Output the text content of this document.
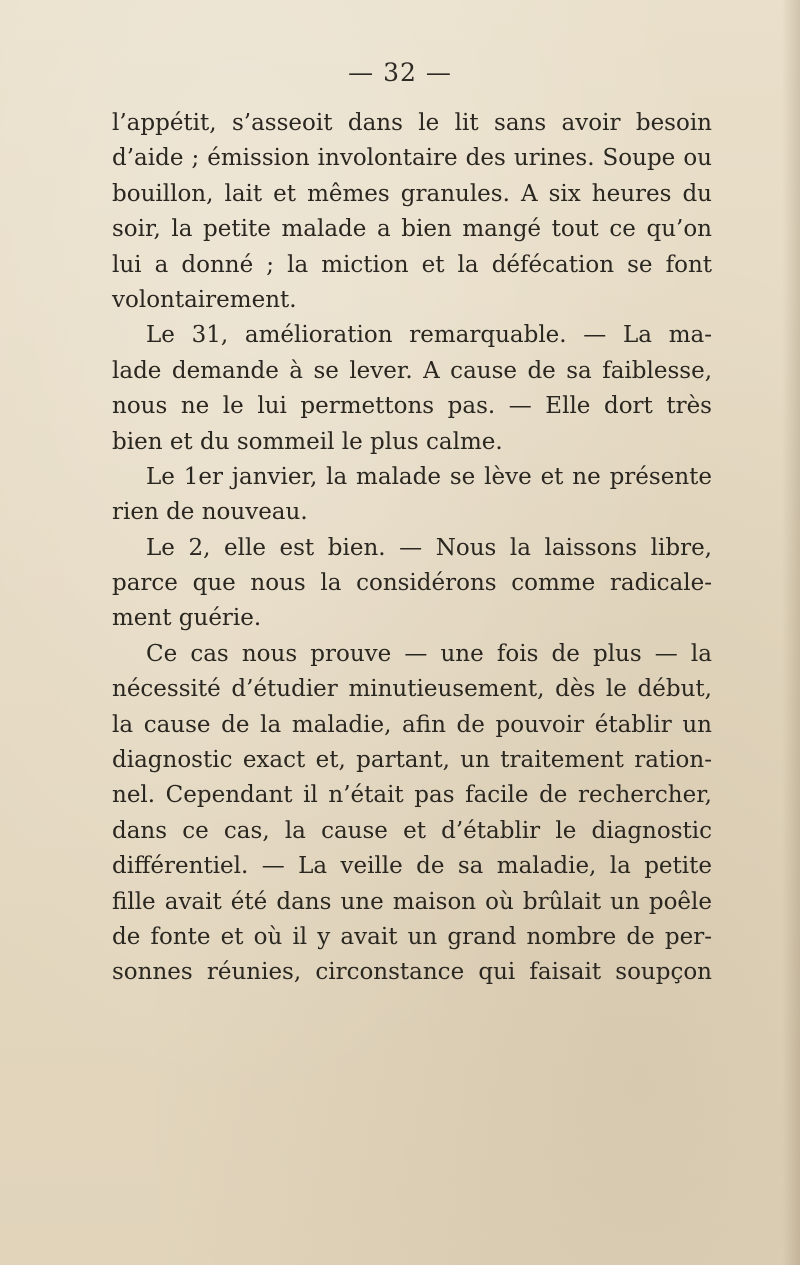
— 32 —
l’appétit, s’asseoit dans le lit sans avoir besoin
d’aide ; émission involontaire des urines. Soupe ou
bouillon, lait et mêmes granules. A six heures du
soir, la petite malade a bien mangé tout ce qu’on
lui a donné ; la miction et la défécation se font
volontairement.
Le 31, amélioration remarquable. — La ma-
lade demande à se lever. A cause de sa faiblesse,
nous ne le lui permettons pas. — Elle dort très
bien et du sommeil le plus calme.
Le 1er janvier, la malade se lève et ne présente
rien de nouveau.
Le 2, elle est bien. — Nous la laissons libre,
parce que nous la considérons comme radicale-
ment guérie.
Ce cas nous prouve — une fois de plus — la
nécessité d’étudier minutieusement, dès le début,
la cause de la maladie, afin de pouvoir établir un
diagnostic exact et, partant, un traitement ration-
nel. Cependant il n’était pas facile de rechercher,
dans ce cas, la cause et d’établir le diagnostic
différentiel. — La veille de sa maladie, la petite
fille avait été dans une maison où brûlait un poêle
de fonte et où il y avait un grand nombre de per-
sonnes réunies, circonstance qui faisait soupçon
